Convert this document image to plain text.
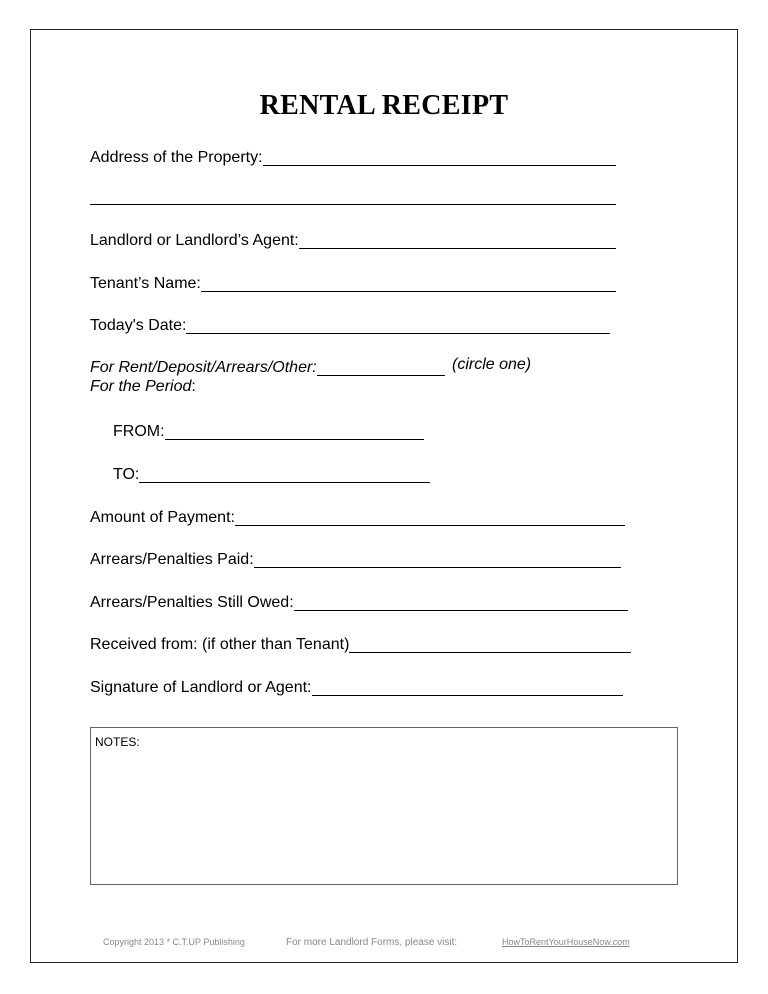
RENTAL RECEIPT
Address of the Property:
Landlord or Landlord’s Agent:
Tenant’s Name:
Today's Date:
For Rent/Deposit/Arrears/Other:	(circle one)
For the Period:
FROM:
TO:
Amount of Payment:
Arrears/Penalties Paid:
Arrears/Penalties Still Owed:
Received from: (if other than Tenant)
Signature of Landlord or Agent:
NOTES:
Copyright 2013 * C.T.UP Publishing	For more Landlord Forms, please visit:	HowToRentYourHouseNow.com
